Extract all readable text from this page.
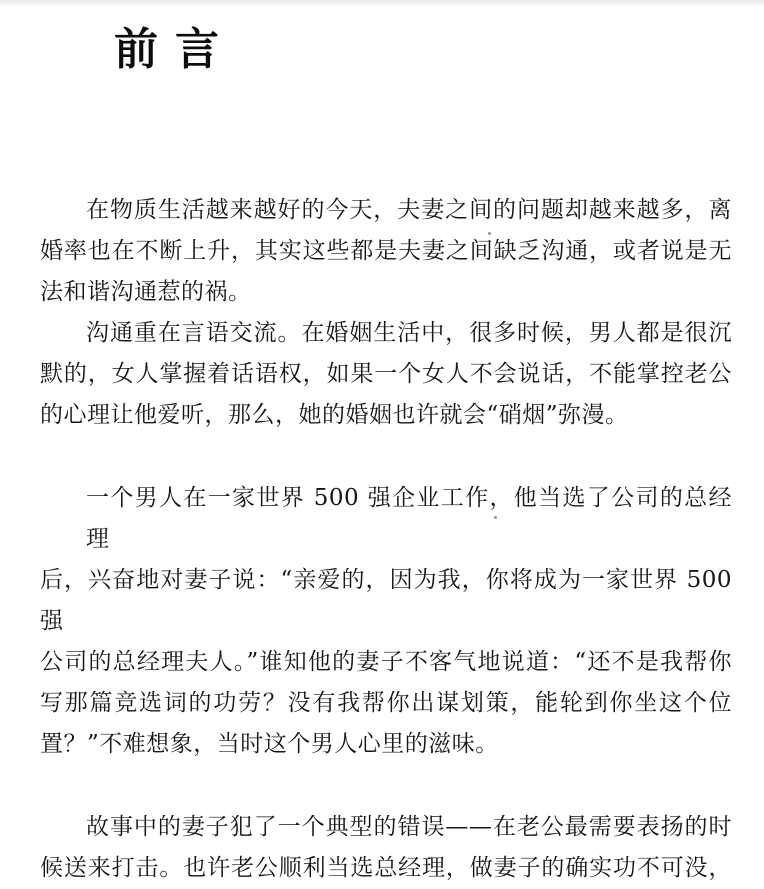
前言
在物质生活越来越好的今天，夫妻之间的问题却越来越多，离
婚率也在不断上升，其实这些都是夫妻之间缺乏沟通，或者说是无
法和谐沟通惹的祸。
沟通重在言语交流。在婚姻生活中，很多时候，男人都是很沉
默的，女人掌握着话语权，如果一个女人不会说话，不能掌控老公
的心理让他爱听，那么，她的婚姻也许就会“硝烟”弥漫。
一个男人在一家世界 500 强企业工作，他当选了公司的总经理
后，兴奋地对妻子说：“亲爱的，因为我，你将成为一家世界 500 强
公司的总经理夫人。”谁知他的妻子不客气地说道：“还不是我帮你
写那篇竞选词的功劳？没有我帮你出谋划策，能轮到你坐这个位
置？”不难想象，当时这个男人心里的滋味。
故事中的妻子犯了一个典型的错误——在老公最需要表扬的时
候送来打击。也许老公顺利当选总经理，做妻子的确实功不可没，
